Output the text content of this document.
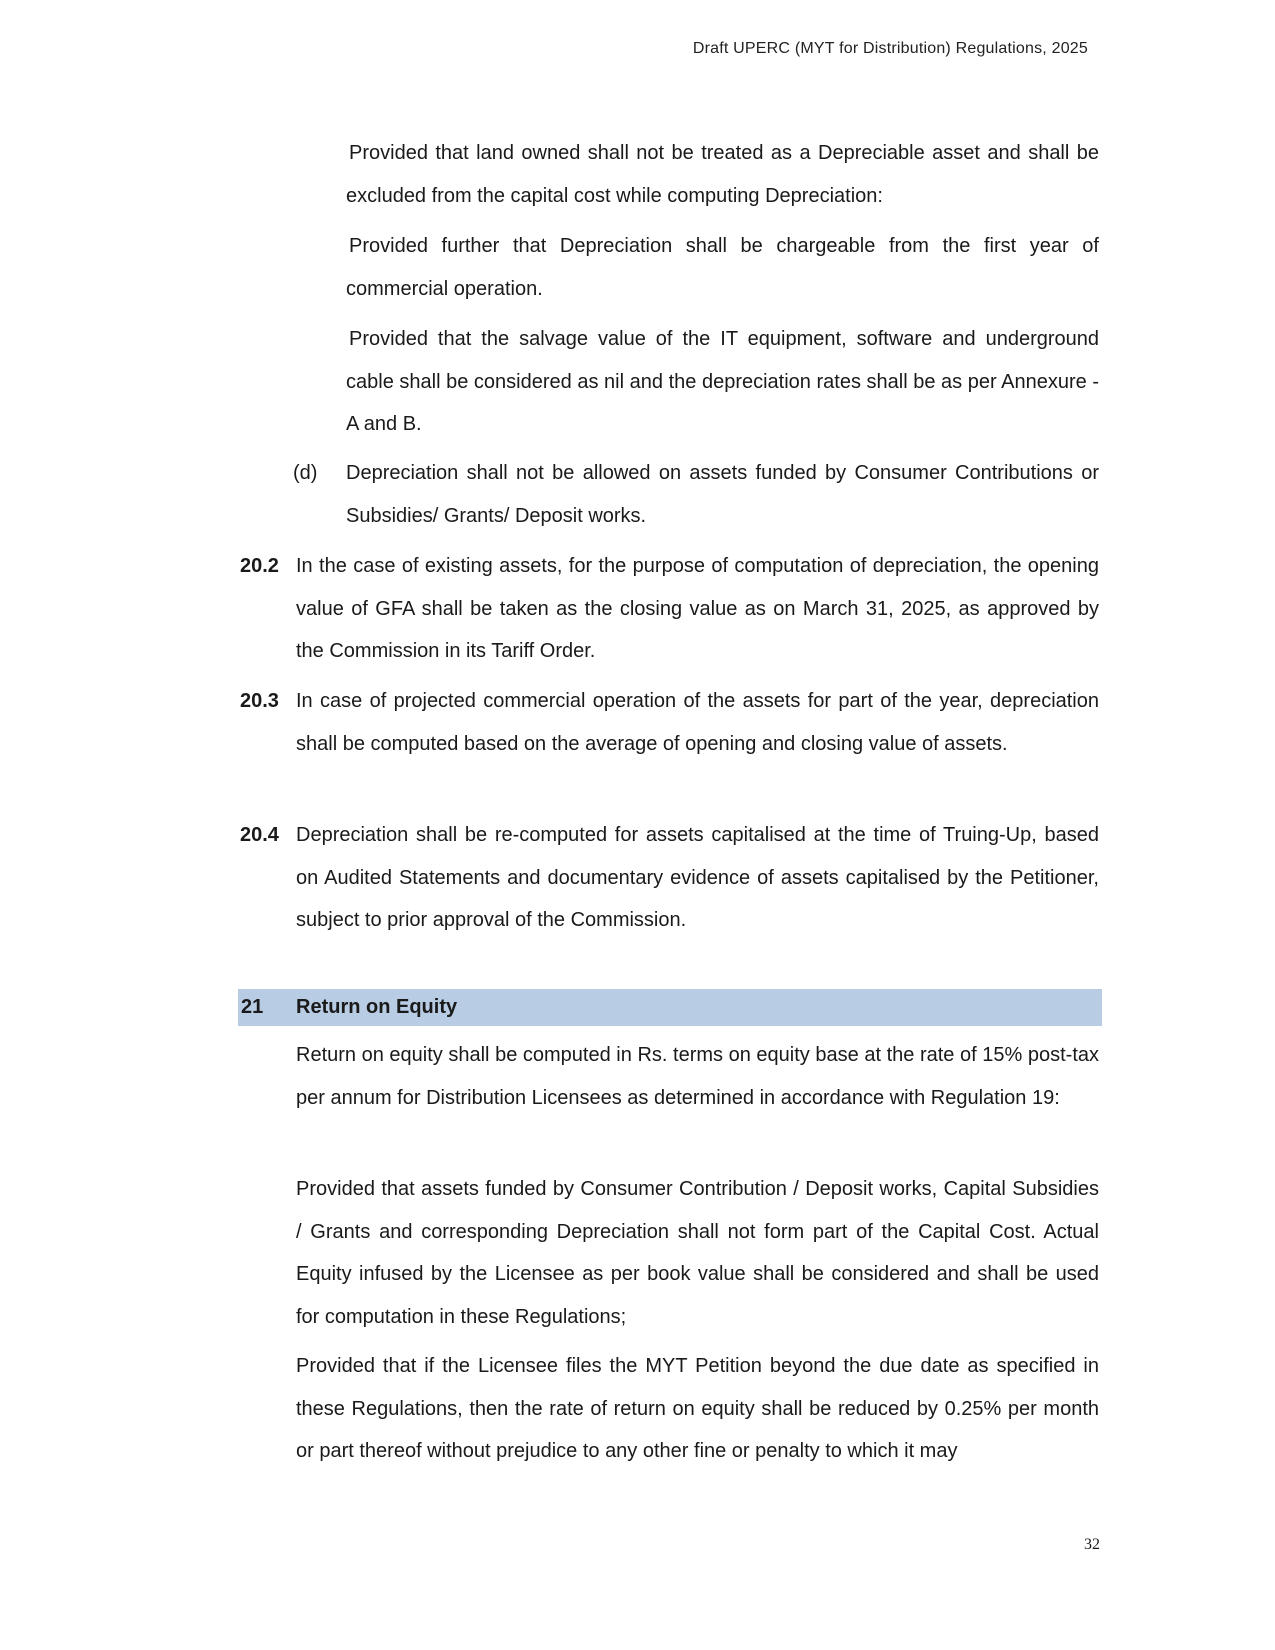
Draft UPERC (MYT for Distribution) Regulations, 2025

Provided that land owned shall not be treated as a Depreciable asset and shall be excluded from the capital cost while computing Depreciation:

Provided further that Depreciation shall be chargeable from the first year of commercial operation.

Provided that the salvage value of the IT equipment, software and underground cable shall be considered as nil and the depreciation rates shall be as per Annexure - A and B.

(d) Depreciation shall not be allowed on assets funded by Consumer Contributions or Subsidies/ Grants/ Deposit works.

20.2 In the case of existing assets, for the purpose of computation of depreciation, the opening value of GFA shall be taken as the closing value as on March 31, 2025, as approved by the Commission in its Tariff Order.

20.3 In case of projected commercial operation of the assets for part of the year, depreciation shall be computed based on the average of opening and closing value of assets.

20.4 Depreciation shall be re-computed for assets capitalised at the time of Truing-Up, based on Audited Statements and documentary evidence of assets capitalised by the Petitioner, subject to prior approval of the Commission.

21 Return on Equity

Return on equity shall be computed in Rs. terms on equity base at the rate of 15% post-tax per annum for Distribution Licensees as determined in accordance with Regulation 19:

Provided that assets funded by Consumer Contribution / Deposit works, Capital Subsidies / Grants and corresponding Depreciation shall not form part of the Capital Cost. Actual Equity infused by the Licensee as per book value shall be considered and shall be used for computation in these Regulations;

Provided that if the Licensee files the MYT Petition beyond the due date as specified in these Regulations, then the rate of return on equity shall be reduced by 0.25% per month or part thereof without prejudice to any other fine or penalty to which it may

32
